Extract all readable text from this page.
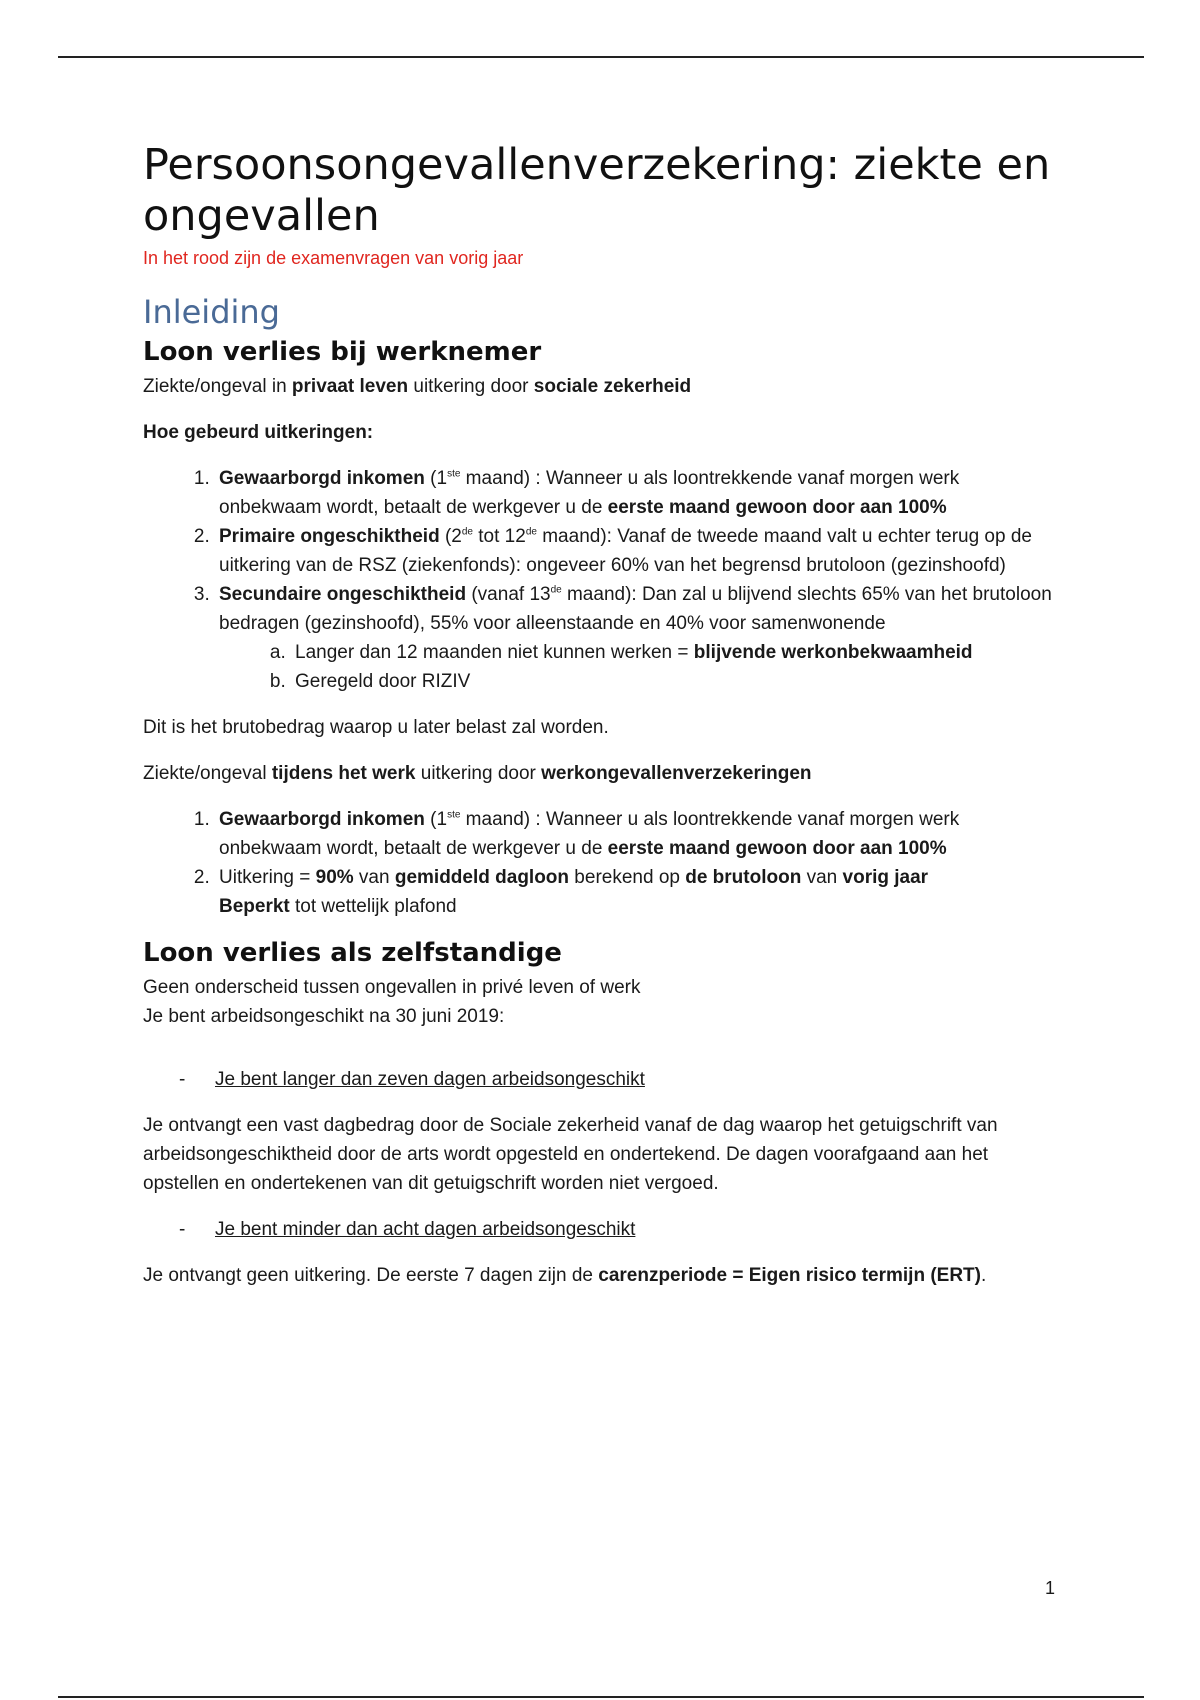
Persoonsongevallenverzekering: ziekte en ongevallen

In het rood zijn de examenvragen van vorig jaar

Inleiding
Loon verlies bij werknemer

Ziekte/ongeval in privaat leven uitkering door sociale zekerheid

Hoe gebeurd uitkeringen:

1. Gewaarborgd inkomen (1ste maand) : Wanneer u als loontrekkende vanaf morgen werk onbekwaam wordt, betaalt de werkgever u de eerste maand gewoon door aan 100%
2. Primaire ongeschiktheid (2de tot 12de maand): Vanaf de tweede maand valt u echter terug op de uitkering van de RSZ (ziekenfonds): ongeveer 60% van het begrensd brutoloon (gezinshoofd)
3. Secundaire ongeschiktheid (vanaf 13de maand): Dan zal u blijvend slechts 65% van het brutoloon bedragen (gezinshoofd), 55% voor alleenstaande en 40% voor samenwonende
a. Langer dan 12 maanden niet kunnen werken = blijvende werkonbekwaamheid
b. Geregeld door RIZIV

Dit is het brutobedrag waarop u later belast zal worden.

Ziekte/ongeval tijdens het werk uitkering door werkongevallenverzekeringen

1. Gewaarborgd inkomen (1ste maand) : Wanneer u als loontrekkende vanaf morgen werk onbekwaam wordt, betaalt de werkgever u de eerste maand gewoon door aan 100%
2. Uitkering = 90% van gemiddeld dagloon berekend op de brutoloon van vorig jaar
Beperkt tot wettelijk plafond
Loon verlies als zelfstandige

Geen onderscheid tussen ongevallen in privé leven of werk

Je bent arbeidsongeschikt na 30 juni 2019:

- Je bent langer dan zeven dagen arbeidsongeschikt

Je ontvangt een vast dagbedrag door de Sociale zekerheid vanaf de dag waarop het getuigschrift van arbeidsongeschiktheid door de arts wordt opgesteld en ondertekend. De dagen voorafgaand aan het opstellen en ondertekenen van dit getuigschrift worden niet vergoed.

- Je bent minder dan acht dagen arbeidsongeschikt

Je ontvangt geen uitkering. De eerste 7 dagen zijn de carenzperiode = Eigen risico termijn (ERT).

1
